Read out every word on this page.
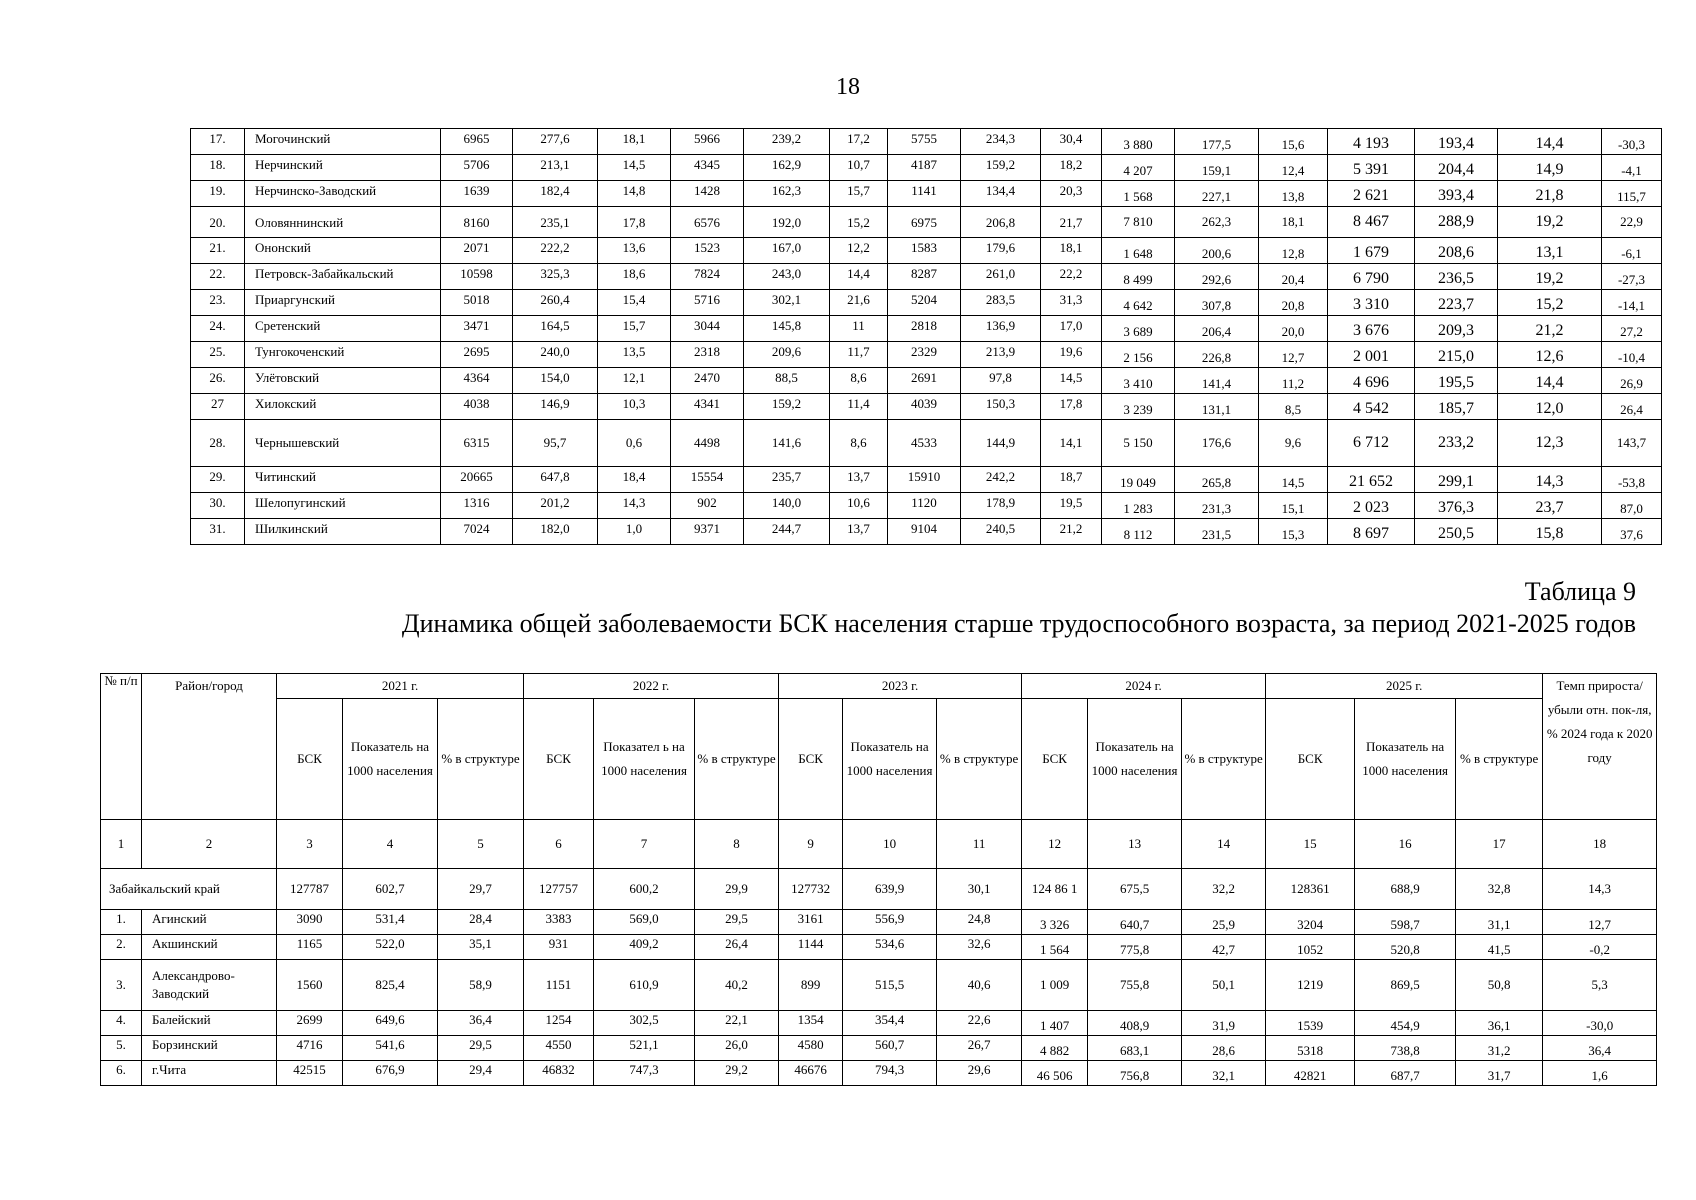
18
17.	Могочинский	6965	277,6	18,1	5966	239,2	17,2	5755	234,3	30,4	3 880	177,5	15,6	4 193	193,4	14,4	-30,3
18.	Нерчинский	5706	213,1	14,5	4345	162,9	10,7	4187	159,2	18,2	4 207	159,1	12,4	5 391	204,4	14,9	-4,1
19.	Нерчинско-Заводский	1639	182,4	14,8	1428	162,3	15,7	1141	134,4	20,3	1 568	227,1	13,8	2 621	393,4	21,8	115,7
20.	Оловяннинский	8160	235,1	17,8	6576	192,0	15,2	6975	206,8	21,7	7 810	262,3	18,1	8 467	288,9	19,2	22,9
21.	Ононский	2071	222,2	13,6	1523	167,0	12,2	1583	179,6	18,1	1 648	200,6	12,8	1 679	208,6	13,1	-6,1
22.	Петровск-Забайкальский	10598	325,3	18,6	7824	243,0	14,4	8287	261,0	22,2	8 499	292,6	20,4	6 790	236,5	19,2	-27,3
23.	Приаргунский	5018	260,4	15,4	5716	302,1	21,6	5204	283,5	31,3	4 642	307,8	20,8	3 310	223,7	15,2	-14,1
24.	Сретенский	3471	164,5	15,7	3044	145,8	11	2818	136,9	17,0	3 689	206,4	20,0	3 676	209,3	21,2	27,2
25.	Тунгокоченский	2695	240,0	13,5	2318	209,6	11,7	2329	213,9	19,6	2 156	226,8	12,7	2 001	215,0	12,6	-10,4
26.	Улётовский	4364	154,0	12,1	2470	88,5	8,6	2691	97,8	14,5	3 410	141,4	11,2	4 696	195,5	14,4	26,9
27	Хилокский	4038	146,9	10,3	4341	159,2	11,4	4039	150,3	17,8	3 239	131,1	8,5	4 542	185,7	12,0	26,4
28.	Чернышевский	6315	95,7	0,6	4498	141,6	8,6	4533	144,9	14,1	5 150	176,6	9,6	6 712	233,2	12,3	143,7
29.	Читинский	20665	647,8	18,4	15554	235,7	13,7	15910	242,2	18,7	19 049	265,8	14,5	21 652	299,1	14,3	-53,8
30.	Шелопугинский	1316	201,2	14,3	902	140,0	10,6	1120	178,9	19,5	1 283	231,3	15,1	2 023	376,3	23,7	87,0
31.	Шилкинский	7024	182,0	1,0	9371	244,7	13,7	9104	240,5	21,2	8 112	231,5	15,3	8 697	250,5	15,8	37,6
Таблица 9
Динамика общей заболеваемости БСК населения старше трудоспособного возраста, за период 2021-2025 годов
№ п/п	Район/город	2021 г.			2022 г.			2023 г.			2024 г.			2025 г.			Темп прироста/ убыли отн. пок-ля, % 2024 года к 2020 году
		БСК	Показатель на 1000 населения	% в структуре	БСК	Показател ь на 1000 населения	% в структуре	БСК	Показатель на 1000 населения	% в структуре	БСК	Показатель на 1000 населения	% в структуре	БСК	Показатель на 1000 населения	% в структуре	
1	2	3	4	5	6	7	8	9	10	11	12	13	14	15	16	17	18
Забайкальский край		127787	602,7	29,7	127757	600,2	29,9	127732	639,9	30,1	124 86 1	675,5	32,2	128361	688,9	32,8	14,3
1.	Агинский	3090	531,4	28,4	3383	569,0	29,5	3161	556,9	24,8	3 326	640,7	25,9	3204	598,7	31,1	12,7
2.	Акшинский	1165	522,0	35,1	931	409,2	26,4	1144	534,6	32,6	1 564	775,8	42,7	1052	520,8	41,5	-0,2
3.	Александрово-Заводский	1560	825,4	58,9	1151	610,9	40,2	899	515,5	40,6	1 009	755,8	50,1	1219	869,5	50,8	5,3
4.	Балейский	2699	649,6	36,4	1254	302,5	22,1	1354	354,4	22,6	1 407	408,9	31,9	1539	454,9	36,1	-30,0
5.	Борзинский	4716	541,6	29,5	4550	521,1	26,0	4580	560,7	26,7	4 882	683,1	28,6	5318	738,8	31,2	36,4
6.	г.Чита	42515	676,9	29,4	46832	747,3	29,2	46676	794,3	29,6	46 506	756,8	32,1	42821	687,7	31,7	1,6
